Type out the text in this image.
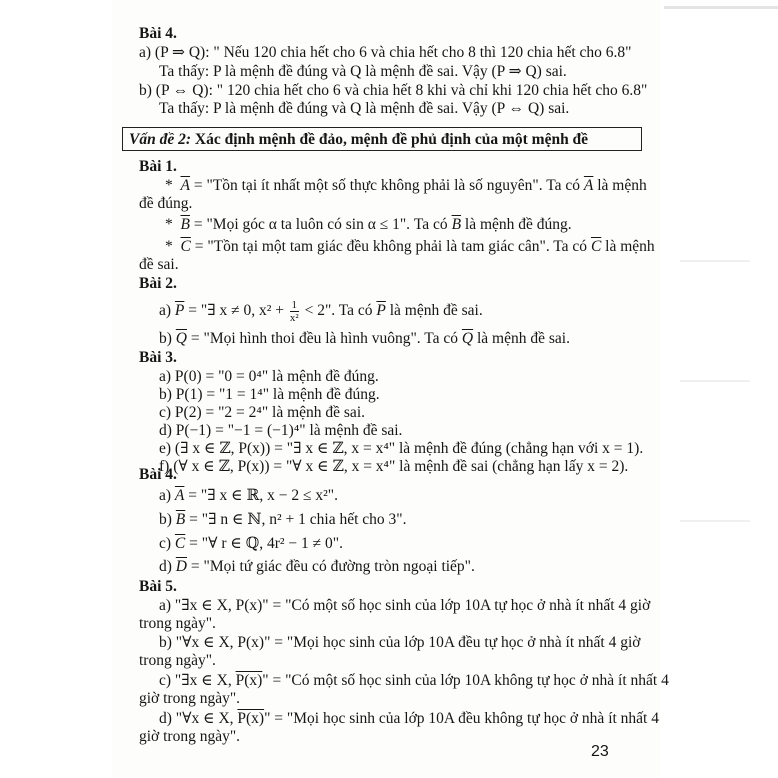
Bài 4.
a) (P ⇒ Q): " Nếu 120 chia hết cho 6 và chia hết cho 8 thì 120 chia hết cho 6.8"
Ta thấy: P là mệnh đề đúng và Q là mệnh đề sai. Vậy (P ⇒ Q) sai.
b) (P ⇔ Q): " 120 chia hết cho 6 và chia hết 8 khi và chỉ khi 120 chia hết cho 6.8"
Ta thấy: P là mệnh đề đúng và Q là mệnh đề sai. Vậy (P ⇔ Q) sai.
Vấn đề 2: Xác định mệnh đề đảo, mệnh đề phủ định của một mệnh đề
Bài 1.
*  $\overline{A}$ = "Tồn tại ít nhất một số thực không phải là số nguyên". Ta có $\overline{A}$ là mệnh
đề đúng.
*  $\overline{B}$ = "Mọi góc α ta luôn có sin α ≤ 1". Ta có $\overline{B}$ là mệnh đề đúng.
*  $\overline{C}$ = "Tồn tại một tam giác đều không phải là tam giác cân". Ta có $\overline{C}$ là mệnh
đề sai.
Bài 2.
a) $\overline{P}$ = "∃ x ≠ 0, $x^2 + \frac{1}{\text{x²}} < 2$". Ta có $\overline{P}$ là mệnh đề sai.
b) $\overline{Q}$ = "Mọi hình thoi đều là hình vuông". Ta có $\overline{Q}$ là mệnh đề sai.
Bài 3.
a) P(0) = "0 = 0⁴" là mệnh đề đúng.
b) P(1) = "1 = 1⁴" là mệnh đề đúng.
c) P(2) = "2 = 2⁴" là mệnh đề sai.
d) P(−1) = "−1 = (−1)⁴" là mệnh đề sai.
e) (∃ x ∈ ℤ, P(x)) = "∃ x ∈ ℤ, x = x⁴" là mệnh đề đúng (chẳng hạn với x = 1).
f) (∀ x ∈ ℤ, P(x)) = "∀ x ∈ ℤ, x = x⁴" là mệnh đề sai (chẳng hạn lấy x = 2).
Bài 4.
a) $\overline{A}$ = "∃ x ∈ ℝ, x − 2 ≤ x²".
b) $\overline{B}$ = "∃ n ∈ ℕ, n² + 1 chia hết cho 3".
c) $\overline{C}$ = "∀ r ∈ ℚ, 4r² − 1 ≠ 0".
d) $\overline{D}$ = "Mọi tứ giác đều có đường tròn ngoại tiếp".
Bài 5.
a) "∃x ∈ X, P(x)" = "Có một số học sinh của lớp 10A tự học ở nhà ít nhất 4 giờ
trong ngày".
b) "∀x ∈ X, P(x)" = "Mọi học sinh của lớp 10A đều tự học ở nhà ít nhất 4 giờ
trong ngày".
c) "∃x ∈ X, P(x)" = "Có một số học sinh của lớp 10A không tự học ở nhà ít nhất 4
giờ trong ngày".
d) "∀x ∈ X, P(x)" = "Mọi học sinh của lớp 10A đều không tự học ở nhà ít nhất 4
giờ trong ngày".
23
